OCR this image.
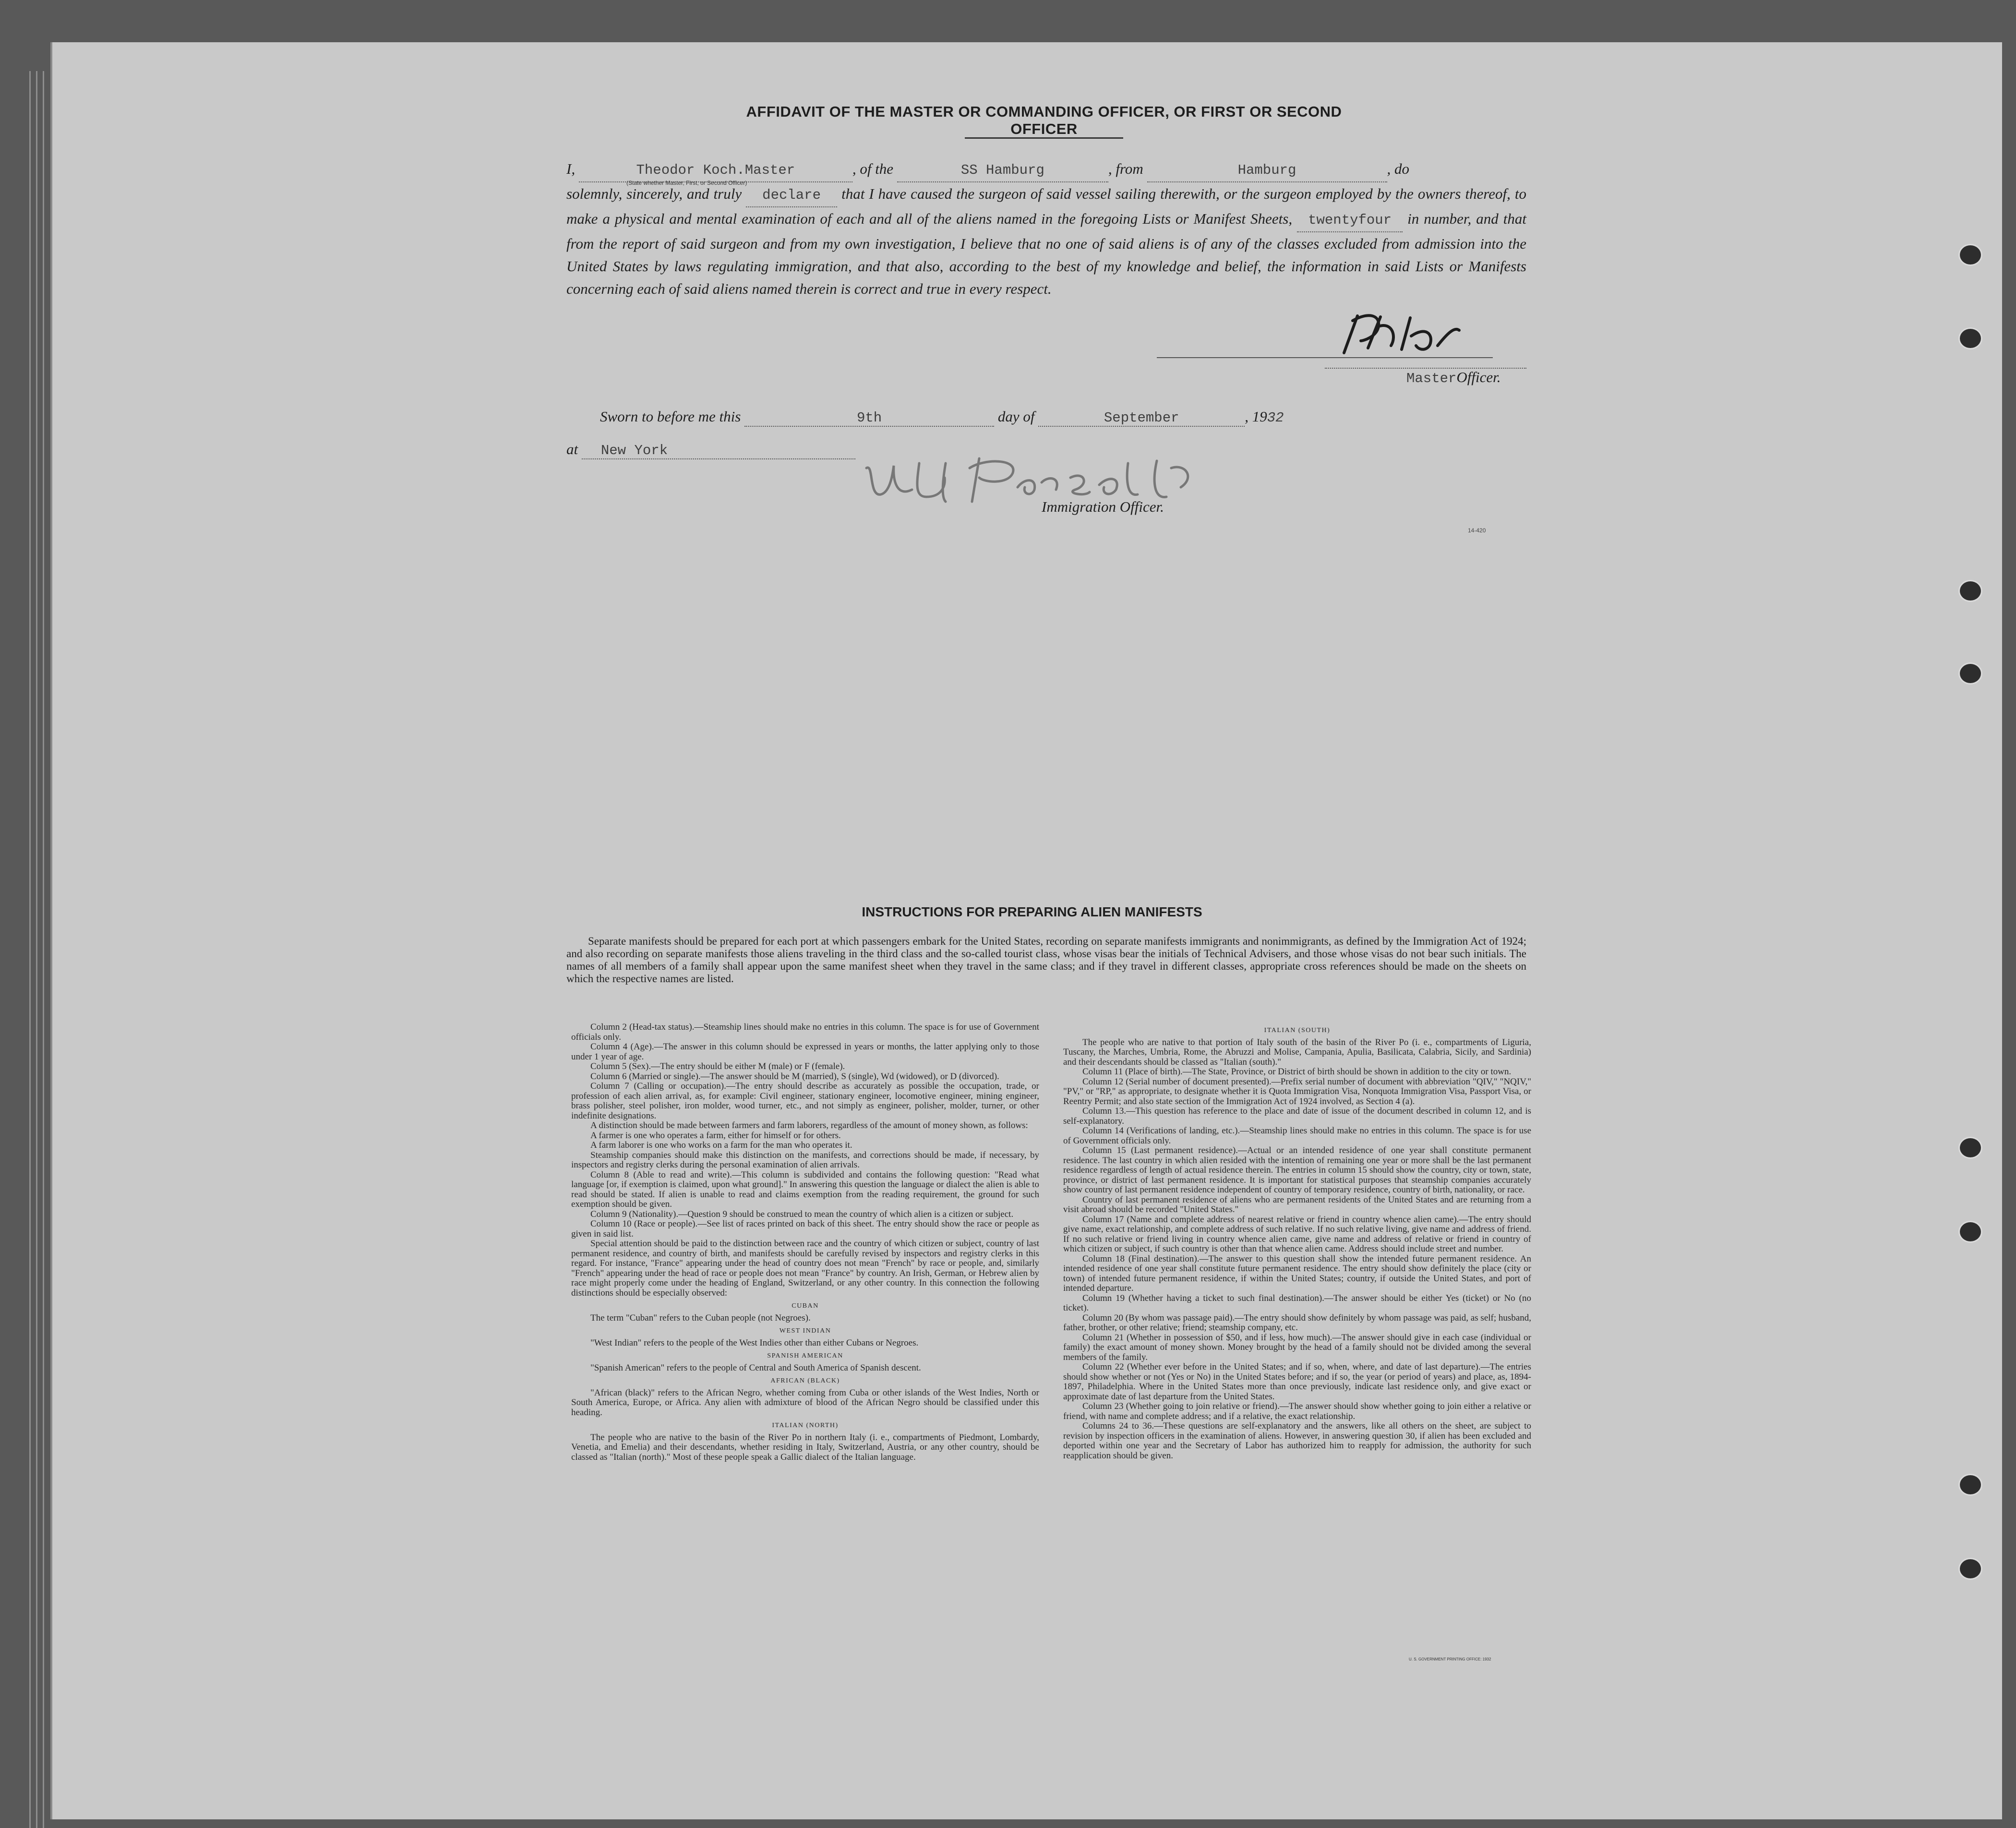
AFFIDAVIT OF THE MASTER OR COMMANDING OFFICER, OR FIRST OR SECOND OFFICER
I,	Theodor Koch.Master	, of the	SS Hamburg	, from	Hamburg	, do
solemnly, sincerely, and truly declare that I have caused the surgeon of said vessel sailing therewith, or the surgeon employed by the owners thereof, to make a physical and mental examination of each and all of the aliens named in the foregoing Lists or Manifest Sheets, twentyfour in number, and that from the report of said surgeon and from my own investigation, I believe that no one of said aliens is of any of the classes excluded from admission into the United States by laws regulating immigration, and that also, according to the best of my knowledge and belief, the information in said Lists or Manifests concerning each of said aliens named therein is correct and true in every respect.
(State whether Master, First, or Second Officer)
MasterOfficer.
Sworn to before me this	9th	day of	September	, 1932
at New York
Immigration Officer.
14-420
INSTRUCTIONS FOR PREPARING ALIEN MANIFESTS
Separate manifests should be prepared for each port at which passengers embark for the United States, recording on separate manifests immigrants and nonimmigrants, as defined by the Immigration Act of 1924; and also recording on separate manifests those aliens traveling in the third class and the so-called tourist class, whose visas bear the initials of Technical Advisers, and those whose visas do not bear such initials. The names of all members of a family shall appear upon the same manifest sheet when they travel in the same class; and if they travel in different classes, appropriate cross references should be made on the sheets on which the respective names are listed.

Column 2 (Head-tax status).—Steamship lines should make no entries in this column. The space is for use of Government officials only.

Column 4 (Age).—The answer in this column should be expressed in years or months, the latter applying only to those under 1 year of age.

Column 5 (Sex).—The entry should be either M (male) or F (female).

Column 6 (Married or single).—The answer should be M (married), S (single), Wd (widowed), or D (divorced).

Column 7 (Calling or occupation).—The entry should describe as accurately as possible the occupation, trade, or profession of each alien arrival, as, for example: Civil engineer, stationary engineer, locomotive engineer, mining engineer, brass polisher, steel polisher, iron molder, wood turner, etc., and not simply as engineer, polisher, molder, turner, or other indefinite designations.

A distinction should be made between farmers and farm laborers, regardless of the amount of money shown, as follows:

A farmer is one who operates a farm, either for himself or for others.

A farm laborer is one who works on a farm for the man who operates it.

Steamship companies should make this distinction on the manifests, and corrections should be made, if necessary, by inspectors and registry clerks during the personal examination of alien arrivals.

Column 8 (Able to read and write).—This column is subdivided and contains the following question: "Read what language [or, if exemption is claimed, upon what ground]." In answering this question the language or dialect the alien is able to read should be stated. If alien is unable to read and claims exemption from the reading requirement, the ground for such exemption should be given.

Column 9 (Nationality).—Question 9 should be construed to mean the country of which alien is a citizen or subject.

Column 10 (Race or people).—See list of races printed on back of this sheet. The entry should show the race or people as given in said list.

Special attention should be paid to the distinction between race and the country of which citizen or subject, country of last permanent residence, and country of birth, and manifests should be carefully revised by inspectors and registry clerks in this regard. For instance, "France" appearing under the head of country does not mean "French" by race or people, and, similarly "French" appearing under the head of race or people does not mean "France" by country. An Irish, German, or Hebrew alien by race might properly come under the heading of England, Switzerland, or any other country. In this connection the following distinctions should be especially observed:

CUBAN

The term "Cuban" refers to the Cuban people (not Negroes).

WEST INDIAN

"West Indian" refers to the people of the West Indies other than either Cubans or Negroes.

SPANISH AMERICAN

"Spanish American" refers to the people of Central and South America of Spanish descent.

AFRICAN (BLACK)

"African (black)" refers to the African Negro, whether coming from Cuba or other islands of the West Indies, North or South America, Europe, or Africa. Any alien with admixture of blood of the African Negro should be classified under this heading.

ITALIAN (NORTH)

The people who are native to the basin of the River Po in northern Italy (i. e., compartments of Piedmont, Lombardy, Venetia, and Emelia) and their descendants, whether residing in Italy, Switzerland, Austria, or any other country, should be classed as "Italian (north)." Most of these people speak a Gallic dialect of the Italian language.

ITALIAN (SOUTH)

The people who are native to that portion of Italy south of the basin of the River Po (i. e., compartments of Liguria, Tuscany, the Marches, Umbria, Rome, the Abruzzi and Molise, Campania, Apulia, Basilicata, Calabria, Sicily, and Sardinia) and their descendants should be classed as "Italian (south)."

Column 11 (Place of birth).—The State, Province, or District of birth should be shown in addition to the city or town.

Column 12 (Serial number of document presented).—Prefix serial number of document with abbreviation "QIV," "NQIV," "PV," or "RP," as appropriate, to designate whether it is Quota Immigration Visa, Nonquota Immigration Visa, Passport Visa, or Reentry Permit; and also state section of the Immigration Act of 1924 involved, as Section 4 (a).

Column 13.—This question has reference to the place and date of issue of the document described in column 12, and is self-explanatory.

Column 14 (Verifications of landing, etc.).—Steamship lines should make no entries in this column. The space is for use of Government officials only.

Column 15 (Last permanent residence).—Actual or an intended residence of one year shall constitute permanent residence. The last country in which alien resided with the intention of remaining one year or more shall be the last permanent residence regardless of length of actual residence therein. The entries in column 15 should show the country, city or town, state, province, or district of last permanent residence. It is important for statistical purposes that steamship companies accurately show country of last permanent residence independent of country of temporary residence, country of birth, nationality, or race.

Country of last permanent residence of aliens who are permanent residents of the United States and are returning from a visit abroad should be recorded "United States."

Column 17 (Name and complete address of nearest relative or friend in country whence alien came).—The entry should give name, exact relationship, and complete address of such relative. If no such relative living, give name and address of friend. If no such relative or friend living in country whence alien came, give name and address of relative or friend in country of which citizen or subject, if such country is other than that whence alien came. Address should include street and number.

Column 18 (Final destination).—The answer to this question shall show the intended future permanent residence. An intended residence of one year shall constitute future permanent residence. The entry should show definitely the place (city or town) of intended future permanent residence, if within the United States; country, if outside the United States, and port of intended departure.

Column 19 (Whether having a ticket to such final destination).—The answer should be either Yes (ticket) or No (no ticket).

Column 20 (By whom was passage paid).—The entry should show definitely by whom passage was paid, as self; husband, father, brother, or other relative; friend; steamship company, etc.

Column 21 (Whether in possession of $50, and if less, how much).—The answer should give in each case (individual or family) the exact amount of money shown. Money brought by the head of a family should not be divided among the several members of the family.

Column 22 (Whether ever before in the United States; and if so, when, where, and date of last departure).—The entries should show whether or not (Yes or No) in the United States before; and if so, the year (or period of years) and place, as, 1894-1897, Philadelphia. Where in the United States more than once previously, indicate last residence only, and give exact or approximate date of last departure from the United States.

Column 23 (Whether going to join relative or friend).—The answer should show whether going to join either a relative or friend, with name and complete address; and if a relative, the exact relationship.

Columns 24 to 36.—These questions are self-explanatory and the answers, like all others on the sheet, are subject to revision by inspection officers in the examination of aliens. However, in answering question 30, if alien has been excluded and deported within one year and the Secretary of Labor has authorized him to reapply for admission, the authority for such reapplication should be given.

U. S. GOVERNMENT PRINTING OFFICE: 1932
